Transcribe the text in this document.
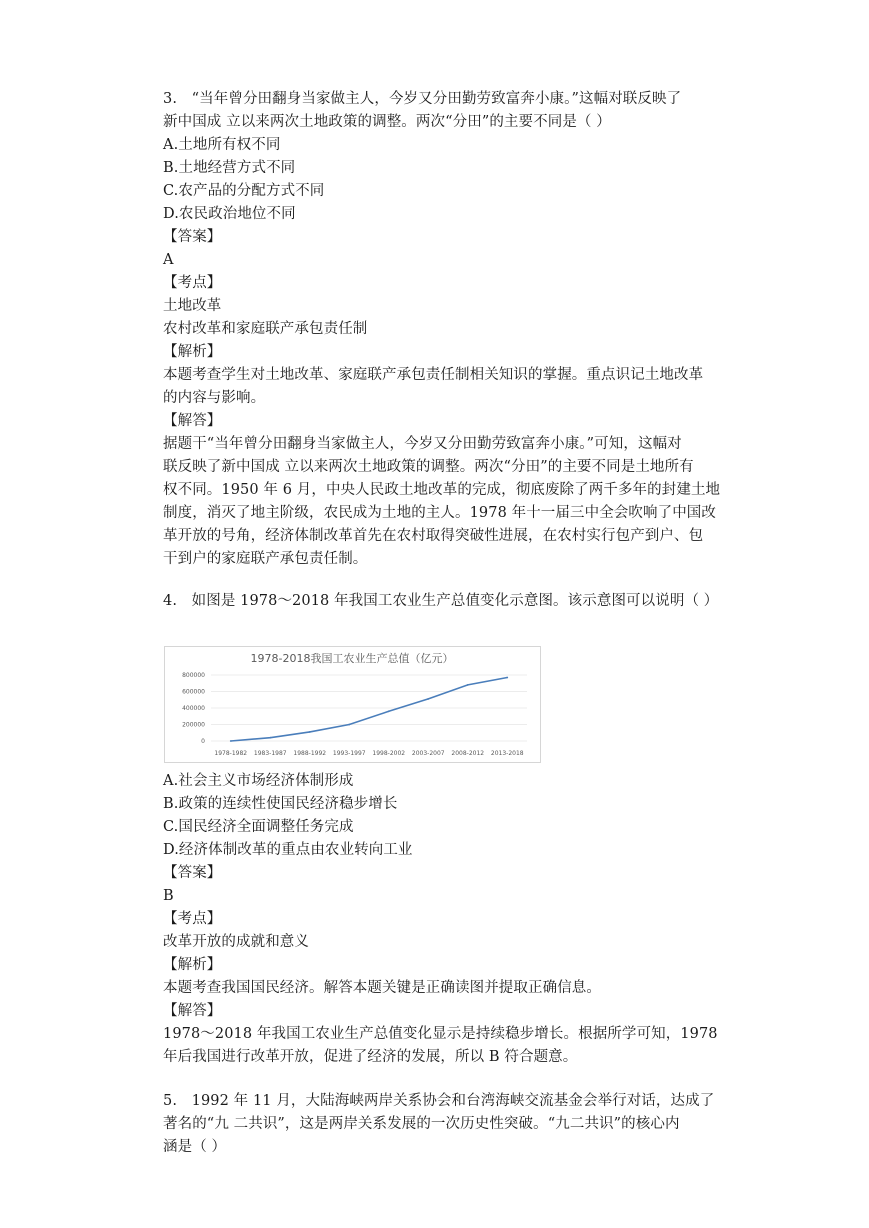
3.　“当年曾分田翻身当家做主人，今岁又分田勤劳致富奔小康。”这幅对联反映了
新中国成 立以来两次土地政策的调整。两次“分田”的主要不同是（ ）
A.土地所有权不同
B.土地经营方式不同
C.农产品的分配方式不同
D.农民政治地位不同
【答案】
A
【考点】
土地改革
农村改革和家庭联产承包责任制
【解析】
本题考查学生对土地改革、家庭联产承包责任制相关知识的掌握。重点识记土地改革
的内容与影响。
【解答】
据题干“当年曾分田翻身当家做主人，今岁又分田勤劳致富奔小康。”可知，这幅对
联反映了新中国成 立以来两次土地政策的调整。两次“分田”的主要不同是土地所有
权不同。1950 年 6 月，中央人民政土地改革的完成，彻底废除了两千多年的封建土地
制度，消灭了地主阶级，农民成为土地的主人。1978 年十一届三中全会吹响了中国改
革开放的号角，经济体制改革首先在农村取得突破性进展，在农村实行包产到户、包
干到户的家庭联产承包责任制。
4.　如图是 1978～2018 年我国工农业生产总值变化示意图。该示意图可以说明（ ）
1978-2018我国工农业生产总值（亿元）
800000
600000
400000
200000
0
1978-1982 1983-1987 1988-1992 1993-1997 1998-2002 2003-2007 2008-2012 2013-2018
A.社会主义市场经济体制形成
B.政策的连续性使国民经济稳步增长
C.国民经济全面调整任务完成
D.经济体制改革的重点由农业转向工业
【答案】
B
【考点】
改革开放的成就和意义
【解析】
本题考查我国国民经济。解答本题关键是正确读图并提取正确信息。
【解答】
1978～2018 年我国工农业生产总值变化显示是持续稳步增长。根据所学可知，1978
年后我国进行改革开放，促进了经济的发展，所以 B 符合题意。
5.　1992 年 11 月，大陆海峡两岸关系协会和台湾海峡交流基金会举行对话，达成了
著名的“九 二共识”，这是两岸关系发展的一次历史性突破。“九二共识”的核心内
涵是（ ）
